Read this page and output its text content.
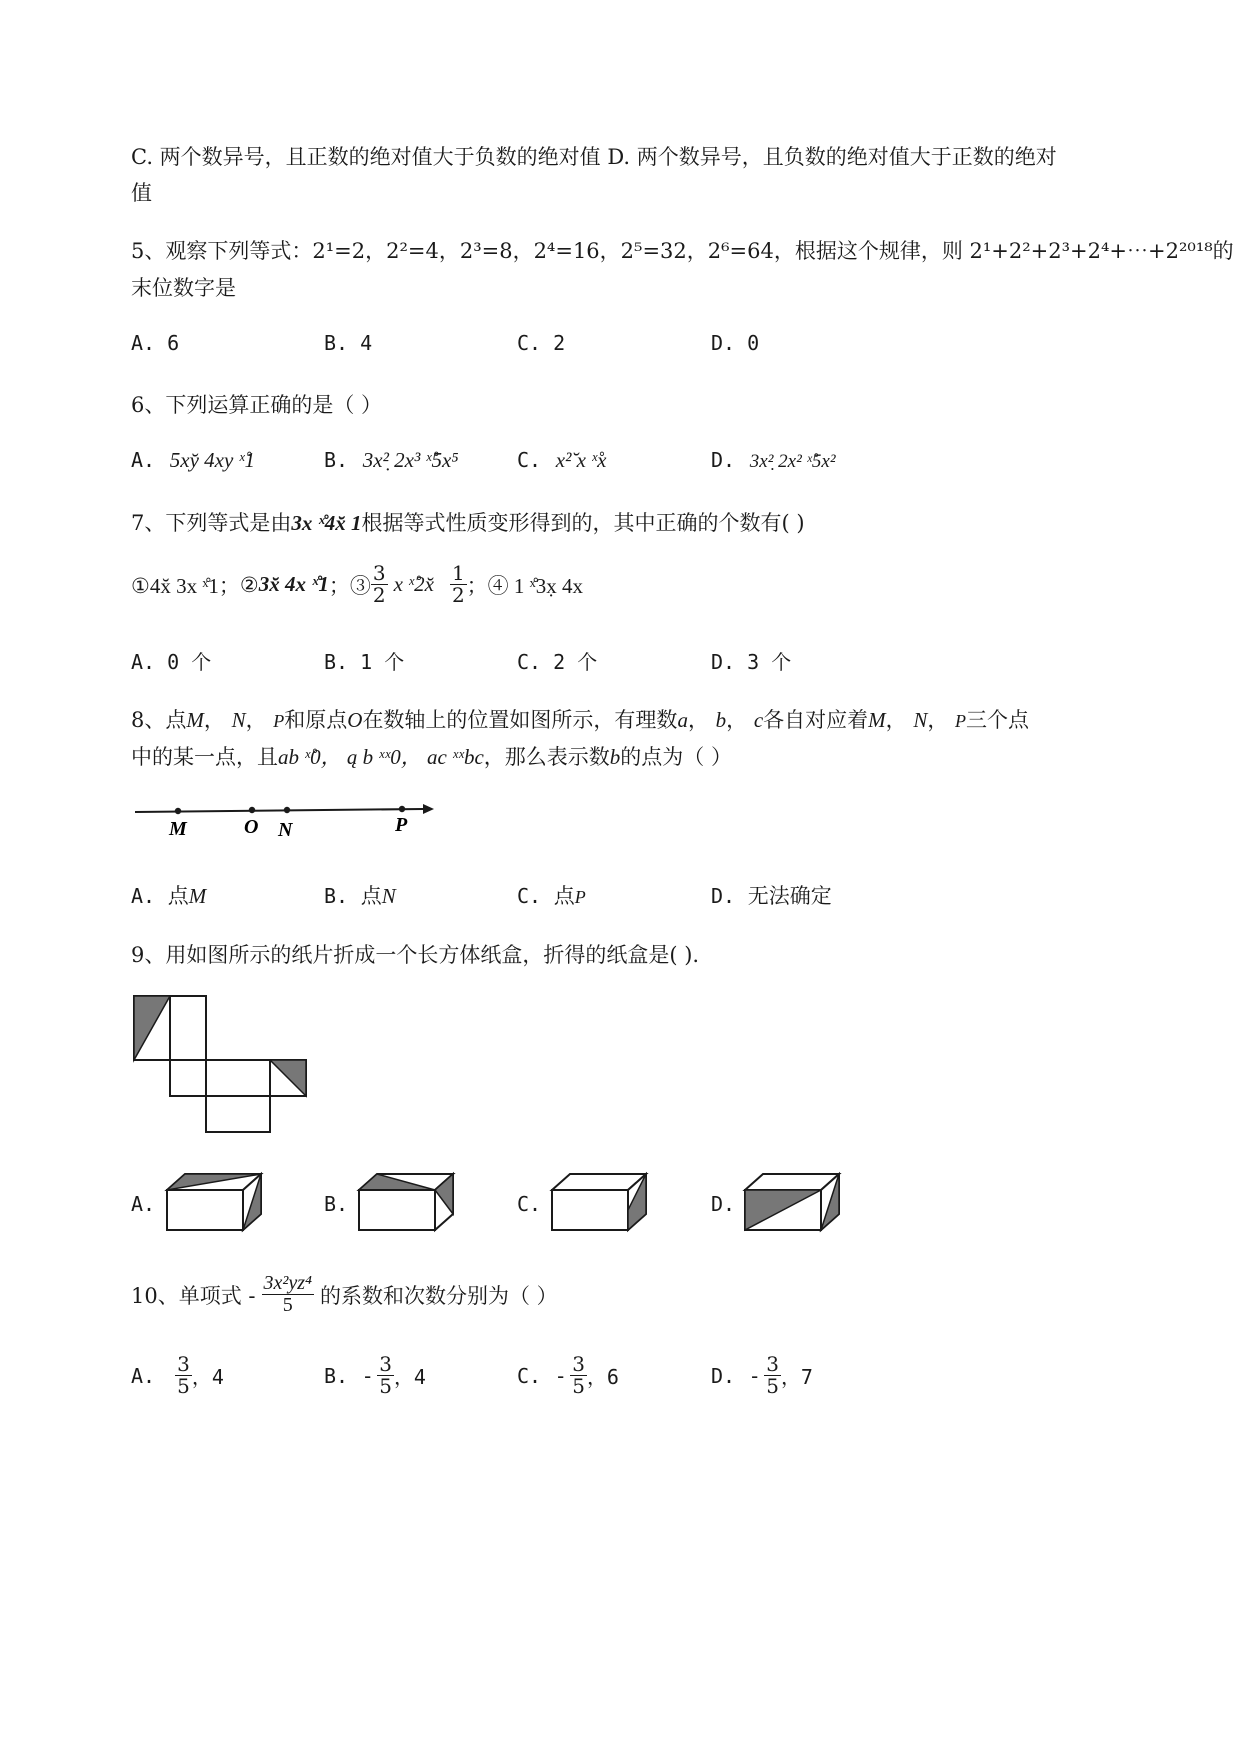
C. 两个数异号，且正数的绝对值大于负数的绝对值 D. 两个数异号，且负数的绝对值大于正数的绝对
值
5、观察下列等式：2¹=2，2²=4，2³=8，2⁴=16，2⁵=32，2⁶=64，根据这个规律，则 2¹+2²+2³+2⁴+⋯+2²⁰¹⁸的
末位数字是
A. 6	B. 4	C. 2	D. 0
6、下列运算正确的是（ ）
A. 5xy̆ 4xy ˣ̊1	B. 3x²̣ 2x³ ˣ̊5x⁵	C. x²̆ x ˣ̊x	D. 3x²̣ 2x² ˣ̊5x²
7、下列等式是由3x ˣ̊4x̆ 1根据等式性质变形得到的，其中正确的个数有( )
①4x̆ 3x ˣ̊1； ② 3x̆ 4x ˣ̊1 ；③ $\frac{3}{2}$ x ˣ̊2x̆ $\frac{1}{2}$ ；④ 1 ˣ̊3x̣ 4x
A. 0 个	B. 1 个	C. 2 个	D. 3 个
8、点M， N， P和原点O在数轴上的位置如图所示，有理数a， b， c各自对应着M， N， P三个点
中的某一点，且ab ˣ̊0， ą b ˣˣ0， ac ˣˣbc，那么表示数b的点为（ ）
M	O N	P
A. 点M	B. 点N	C. 点P	D. 无法确定
9、用如图所示的纸片折成一个长方体纸盒，折得的纸盒是( ).
A.	B.	C.	D.
10、单项式 - $\frac{\text{3x²yz⁴}}{5}$ 的系数和次数分别为（ ）
A. $\frac{3}{5}$ ，4	B. - $\frac{3}{5}$ ，4	C. - $\frac{3}{5}$ ，6	D. - $\frac{3}{5}$ ，7
